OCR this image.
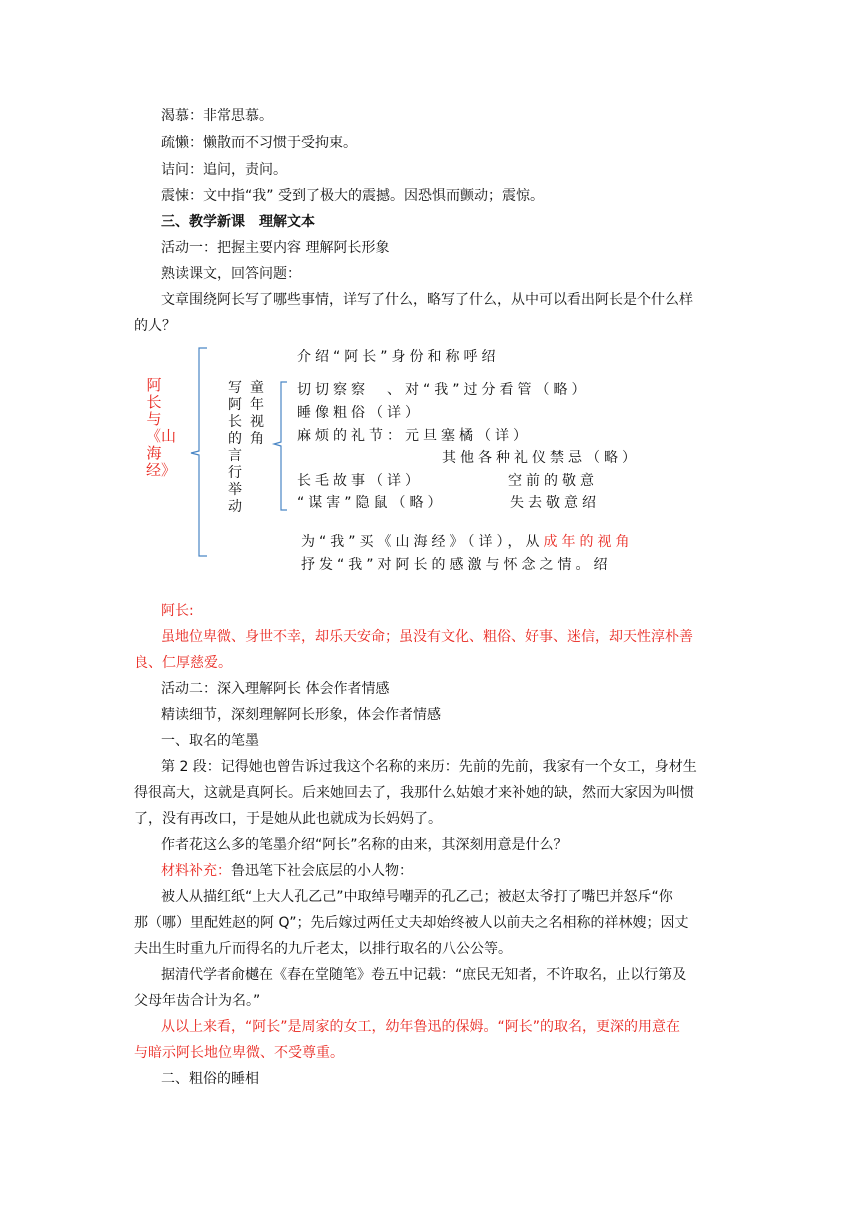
渴慕：非常思慕。
疏懒：懒散而不习惯于受拘束。
诘问：追问，责问。
震悚：文中指“我” 受到了极大的震撼。因恐惧而颤动；震惊。
三、教学新课　理解文本
活动一：把握主要内容 理解阿长形象
熟读课文，回答问题：
文章围绕阿长写了哪些事情，详写了什么，略写了什么，从中可以看出阿长是个什么样
的人？
阿长与《山海经》
介绍“阿长”身份和称呼绍
写阿长的言行举动
童年视角
切切察察　、对“我”过分看管（略）
睡像粗俗（详）
麻烦的礼节：元旦塞橘（详）
其他各种礼仪禁忌（略）
长毛故事（详）	空前的敬意
“谋害”隐鼠（略）	失去敬意绍
为“我”买《山海经》（详），从成年的视角
抒发“我”对阿长的感激与怀念之情。绍
阿长:
虽地位卑微、身世不幸，却乐天安命；虽没有文化、粗俗、好事、迷信，却天性淳朴善
良、仁厚慈爱。
活动二：深入理解阿长 体会作者情感
精读细节，深刻理解阿长形象，体会作者情感
一、取名的笔墨
第 2 段：记得她也曾告诉过我这个名称的来历：先前的先前，我家有一个女工，身材生
得很高大，这就是真阿长。后来她回去了，我那什么姑娘才来补她的缺，然而大家因为叫惯
了，没有再改口，于是她从此也就成为长妈妈了。
作者花这么多的笔墨介绍“阿长”名称的由来，其深刻用意是什么？
材料补充：鲁迅笔下社会底层的小人物：
被人从描红纸“上大人孔乙己”中取绰号嘲弄的孔乙己；被赵太爷打了嘴巴并怒斥“你
那（哪）里配姓赵的阿 Q”；先后嫁过两任丈夫却始终被人以前夫之名相称的祥林嫂；因丈
夫出生时重九斤而得名的九斤老太，以排行取名的八公公等。
据清代学者俞樾在《春在堂随笔》卷五中记载：“庶民无知者，不许取名，止以行第及
父母年齿合计为名。”
从以上来看，“阿长”是周家的女工，幼年鲁迅的保姆。“阿长”的取名，更深的用意在
与暗示阿长地位卑微、不受尊重。
二、粗俗的睡相
